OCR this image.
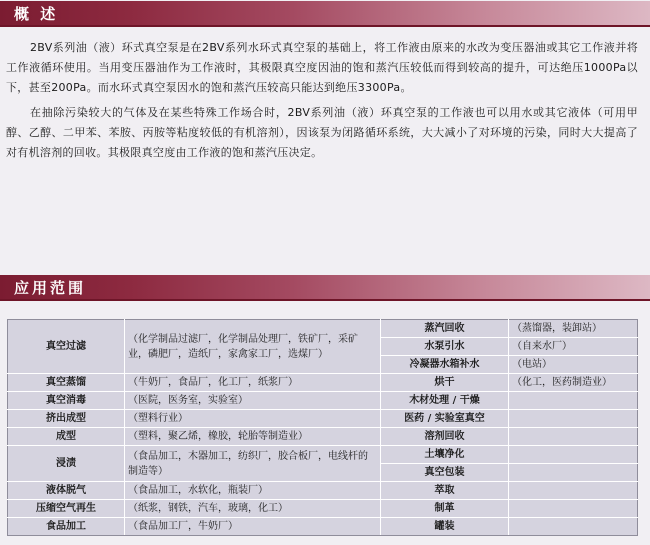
概 述

2BV系列油（液）环式真空泵是在2BV系列水环式真空泵的基础上，将工作液由原来的水改为变压器油或其它工作液并将工作液循环使用。当用变压器油作为工作液时，其极限真空度因油的饱和蒸汽压较低而得到较高的提升，可达绝压1000Pa以下，甚至200Pa。而水环式真空泵因水的饱和蒸汽压较高只能达到绝压3300Pa。

在抽除污染较大的气体及在某些特殊工作场合时，2BV系列油（液）环真空泵的工作液也可以用水或其它液体（可用甲醇、乙醇、二甲苯、苯胺、丙胺等粘度较低的有机溶剂），因该泵为闭路循环系统，大大减小了对环境的污染，同时大大提高了对有机溶剂的回收。其极限真空度由工作液的饱和蒸汽压决定。

应用范围
真空过滤	（化学制品过滤厂，化学制品处理厂，铁矿厂，采矿业，磷肥厂，造纸厂，家禽家工厂，选煤厂）	蒸汽回收	（蒸馏器，装卸站）
		水泵引水	（自来水厂）
		冷凝器水箱补水	（电站）
真空蒸馏	（牛奶厂，食品厂，化工厂，纸浆厂）	烘干	（化工，医药制造业）
真空消毒	（医院，医务室，实验室）	木材处理 / 干燥	
挤出成型	（塑料行业）	医药 / 实验室真空	
成型	（塑料，聚乙烯，橡胶，轮胎等制造业）	溶剂回收	
浸渍	（食品加工，木器加工，纺织厂，胶合板厂，电线杆的制造等）	土壤净化	
		真空包装	
液体脱气	（食品加工，水软化，瓶装厂）	萃取	
压缩空气再生	（纸浆，钢铁，汽车，玻璃，化工）	制革	
食品加工	（食品加工厂，牛奶厂）	罐装	
